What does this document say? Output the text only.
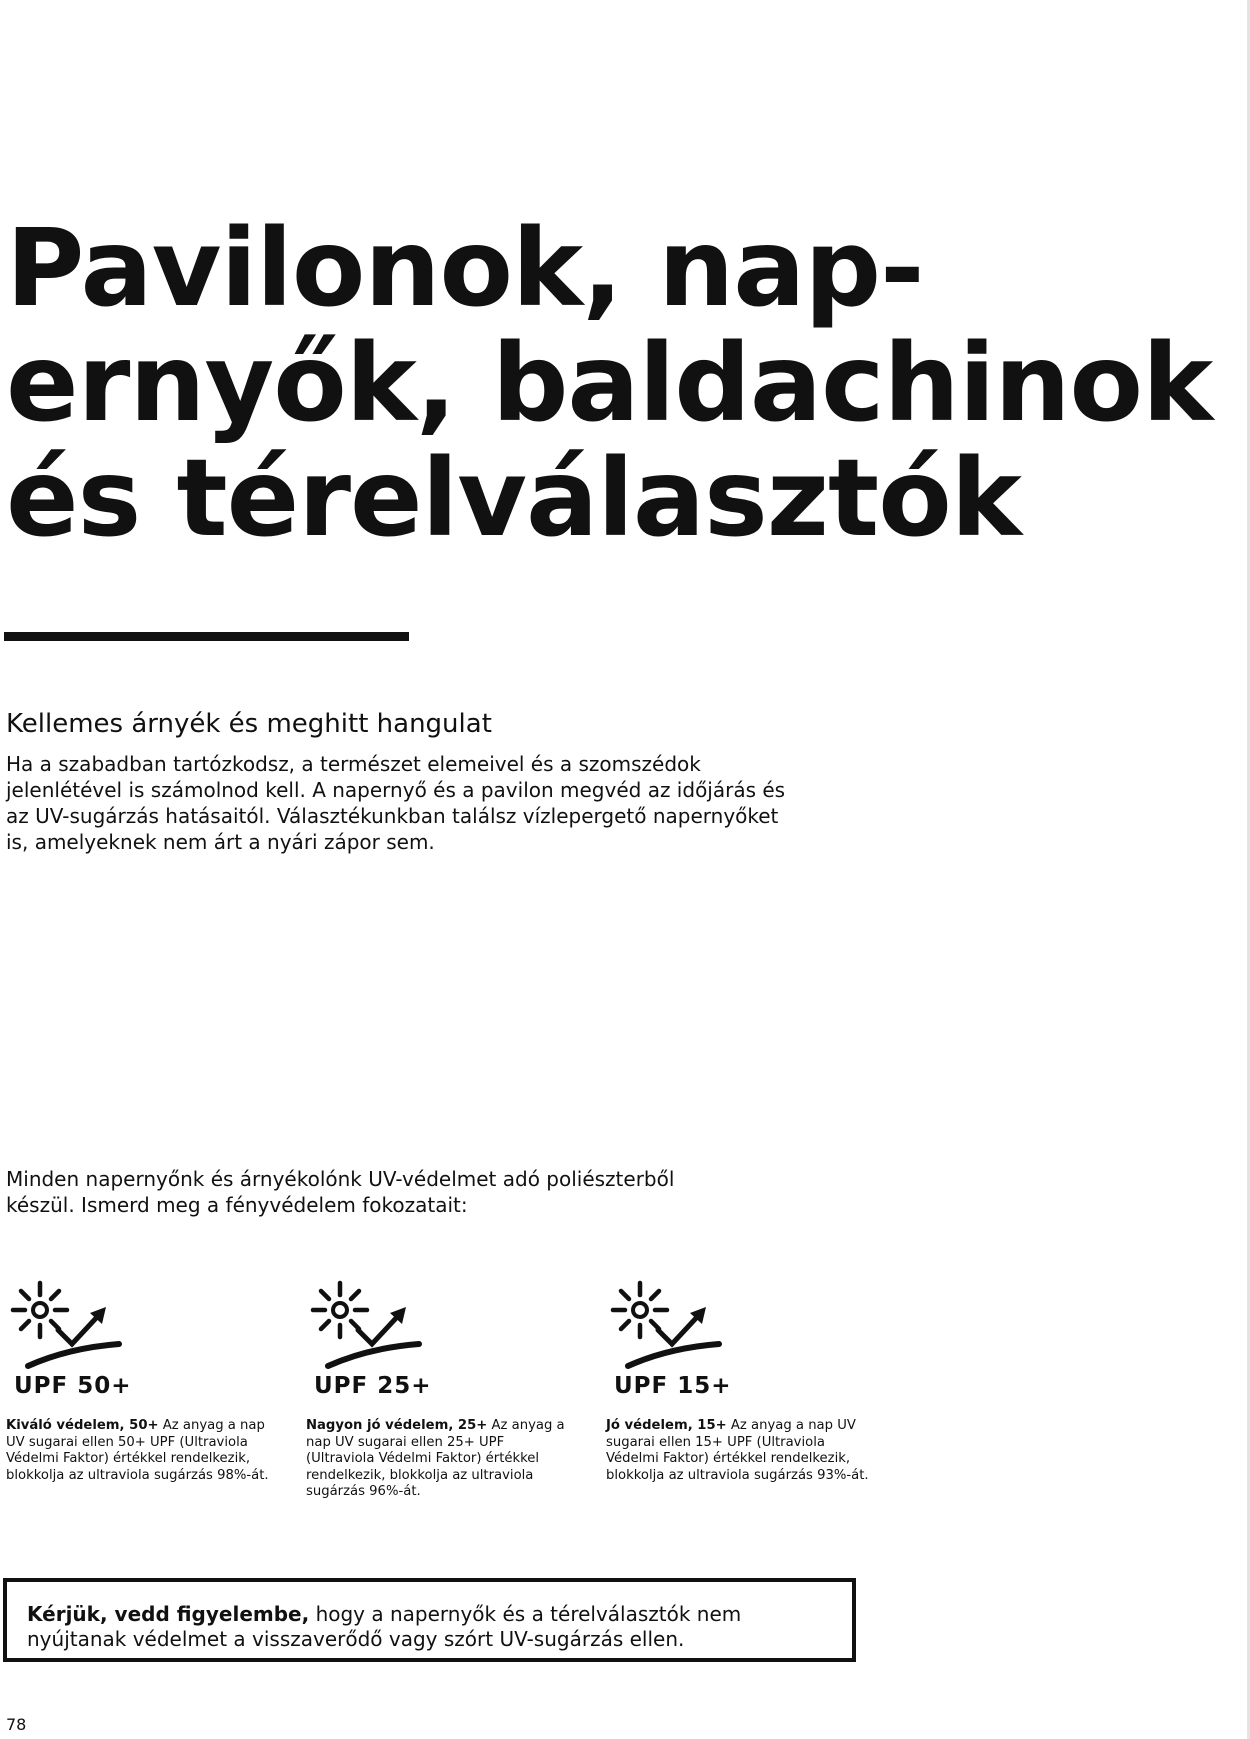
Pavilonok, nap-
ernyők, baldachinok
és térelválasztók
Kellemes árnyék és meghitt hangulat

Ha a szabadban tartózkodsz, a természet elemeivel és a szomszédok jelenlétével is számolnod kell. A napernyő és a pavilon megvéd az időjárás és az UV-sugárzás hatásaitól. Választékunkban találsz vízlepergető napernyőket is, amelyeknek nem árt a nyári zápor sem.

Minden napernyőnk és árnyékolónk UV-védelmet adó poliészterből készül. Ismerd meg a fényvédelem fokozatait:

UPF 50+

Kiváló védelem, 50+ Az anyag a nap UV sugarai ellen 50+ UPF (Ultraviola Védelmi Faktor) értékkel rendelkezik, blokkolja az ultraviola sugárzás 98%-át.

UPF 25+

Nagyon jó védelem, 25+ Az anyag a nap UV sugarai ellen 25+ UPF (Ultraviola Védelmi Faktor) értékkel rendelkezik, blokkolja az ultraviola sugárzás 96%-át.

UPF 15+

Jó védelem, 15+ Az anyag a nap UV sugarai ellen 15+ UPF (Ultraviola Védelmi Faktor) értékkel rendelkezik, blokkolja az ultraviola sugárzás 93%-át.

Kérjük, vedd figyelembe, hogy a napernyők és a térelválasztók nem nyújtanak védelmet a visszaverődő vagy szórt UV-sugárzás ellen.

78
